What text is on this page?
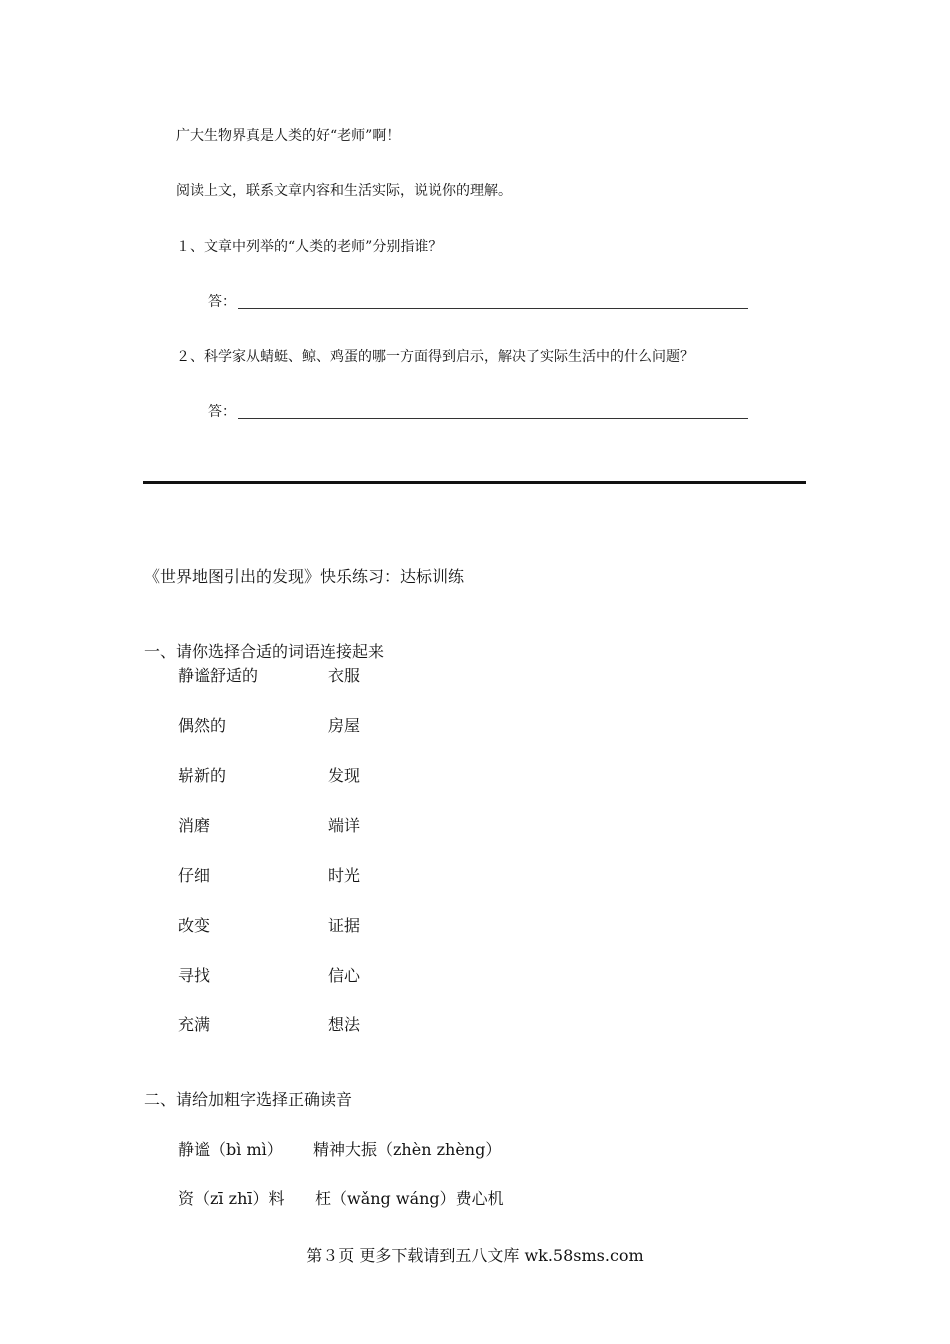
广大生物界真是人类的好“老师”啊！
阅读上文，联系文章内容和生活实际，说说你的理解。
１、文章中列举的“人类的老师”分别指谁？
答：
２、科学家从蜻蜓、鲸、鸡蛋的哪一方面得到启示，解决了实际生活中的什么问题？
答：
《世界地图引出的发现》快乐练习：达标训练
一、请你选择合适的词语连接起来
静谧舒适的	衣服
偶然的	房屋
崭新的	发现
消磨	端详
仔细	时光
改变	证据
寻找	信心
充满	想法
二、请给加粗字选择正确读音
静谧（bì mì） 精神大振（zhèn zhèng）
资（zī zhī）料 枉（wǎng wáng）费心机
第３页 更多下载请到五八文库 wk.58sms.com
